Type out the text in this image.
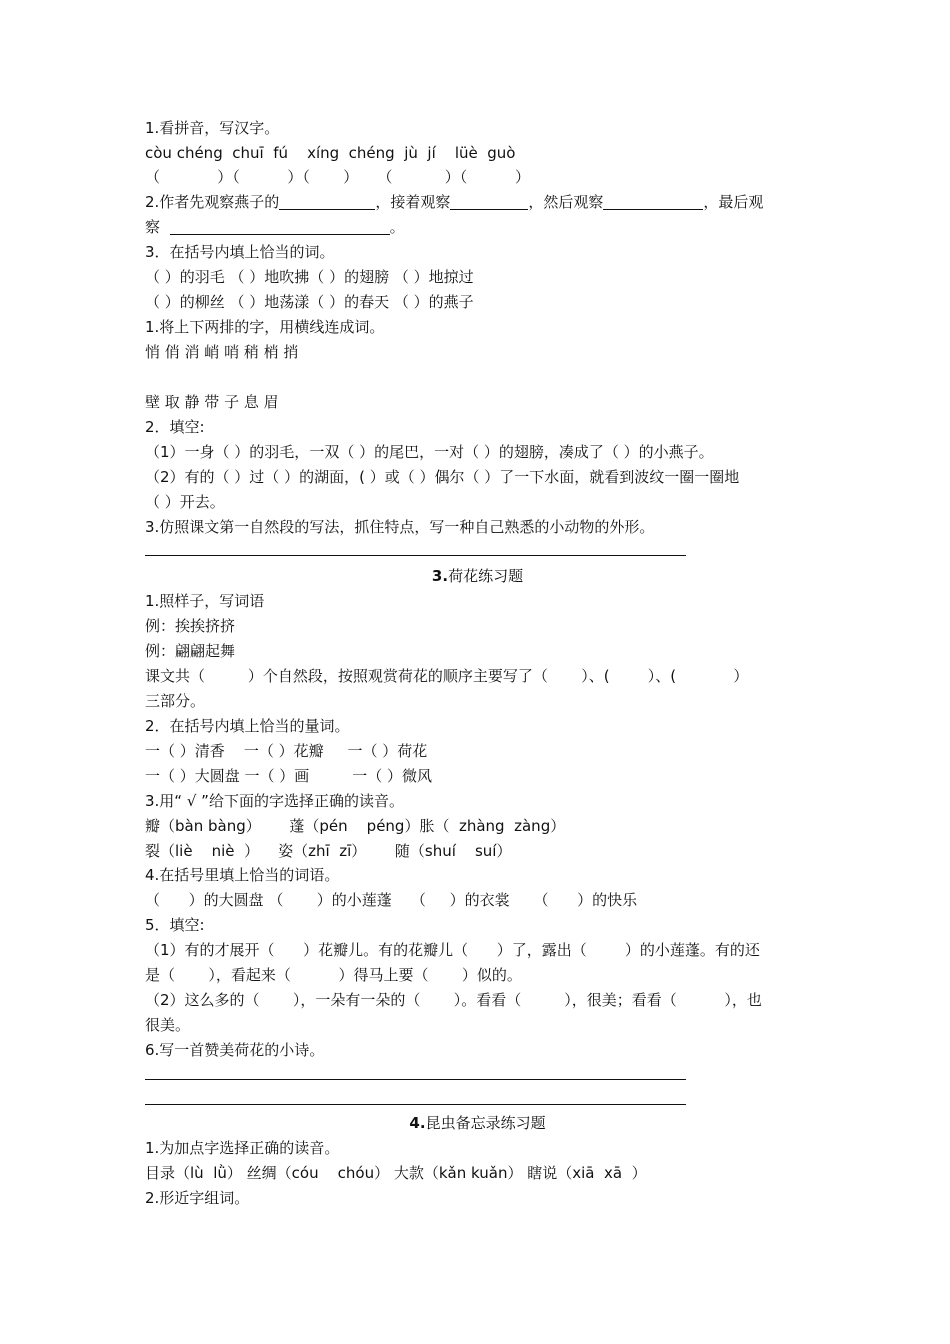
1.看拼音，写汉字。

còu chéng  chuī  fú    xíng  chéng  jù  jí    lüè  guò

（            ）（          ）（       ）    （           ）（          ）

2.作者先观察燕子的	，接着观察	，然后观察	，最后观

察	。

3．在括号内填上恰当的词。

（ ）的羽毛 （ ）地吹拂（ ）的翅膀 （ ）地掠过

（ ）的柳丝 （ ）地荡漾（ ）的春天 （ ）的燕子

1.将上下两排的字，用横线连成词。

悄 俏 消 峭 哨 稍 梢 捎

壁 取 静 带 子 息 眉

2．填空:

（1）一身（ ）的羽毛，一双（ ）的尾巴，一对（ ）的翅膀，凑成了（ ）的小燕子。

（2）有的（ ）过（ ）的湖面，( ）或（ ）偶尔（ ）了一下水面，就看到波纹一圈一圈地

（ ）开去。

3.仿照课文第一自然段的写法，抓住特点，写一种自己熟悉的小动物的外形。

3.荷花练习题

1.照样子，写词语

例：挨挨挤挤

例：翩翩起舞

课文共（         ）个自然段，按照观赏荷花的顺序主要写了（       ）、(        ）、(            ）

三部分。

2．在括号内填上恰当的量词。

一（ ）清香    一（ ）花瓣     一（ ）荷花

一（ ）大圆盘 一（ ）画         一（ ）微风

3.用“ √ ”给下面的字选择正确的读音。

瓣（bàn bàng）      蓬（pén    péng）胀（  zhàng  zàng）

裂（liè    niè  ）    姿（zhī  zī）      随（shuí    suí）

4.在括号里填上恰当的词语。

（      ）的大圆盘 （       ）的小莲蓬    （     ）的衣裳     （      ）的快乐

5．填空:

（1）有的才展开（      ）花瓣儿。有的花瓣儿（      ）了，露出（        ）的小莲蓬。有的还

是（       ），看起来（          ）得马上要（       ）似的。

（2）这么多的（       ），一朵有一朵的（       ）。看看（         ），很美；看看（          ），也

很美。

6.写一首赞美荷花的小诗。

4.昆虫备忘录练习题

1.为加点字选择正确的读音。

目录（lù  lǜ） 丝绸（cóu    chóu） 大款（kǎn kuǎn） 瞎说（xiā  xā  ）

2.形近字组词。
